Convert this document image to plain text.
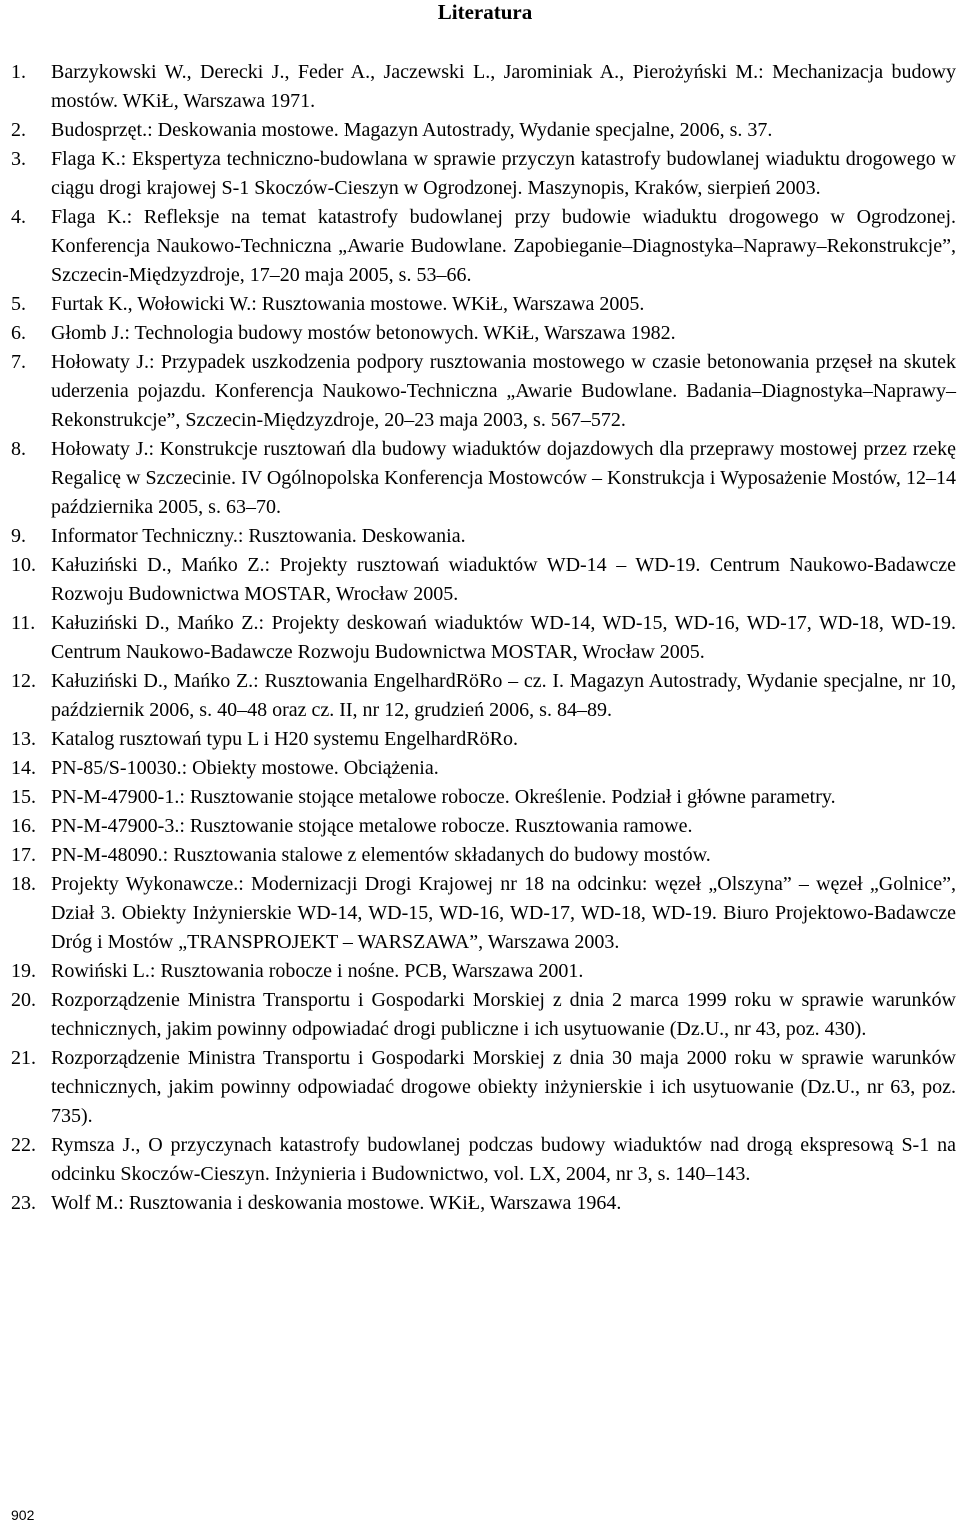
Literatura
1. Barzykowski W., Derecki J., Feder A., Jaczewski L., Jarominiak A., Pierożyński M.: Mechanizacja budowy mostów. WKiŁ, Warszawa 1971.
2. Budosprzęt.: Deskowania mostowe. Magazyn Autostrady, Wydanie specjalne, 2006, s. 37.
3. Flaga K.: Ekspertyza techniczno-budowlana w sprawie przyczyn katastrofy budowlanej wiaduktu drogowego w ciągu drogi krajowej S-1 Skoczów-Cieszyn w Ogrodzonej. Maszynopis, Kraków, sierpień 2003.
4. Flaga K.: Refleksje na temat katastrofy budowlanej przy budowie wiaduktu drogowego w Ogrodzonej. Konferencja Naukowo-Techniczna „Awarie Budowlane. Zapobieganie–Diagnostyka–Naprawy–Rekonstrukcje”, Szczecin-Międzyzdroje, 17–20 maja 2005, s. 53–66.
5. Furtak K., Wołowicki W.: Rusztowania mostowe. WKiŁ, Warszawa 2005.
6. Głomb J.: Technologia budowy mostów betonowych. WKiŁ, Warszawa 1982.
7. Hołowaty J.: Przypadek uszkodzenia podpory rusztowania mostowego w czasie betonowania przęseł na skutek uderzenia pojazdu. Konferencja Naukowo-Techniczna „Awarie Budowlane. Badania–Diagnostyka–Naprawy–Rekonstrukcje”, Szczecin-Międzyzdroje, 20–23 maja 2003, s. 567–572.
8. Hołowaty J.: Konstrukcje rusztowań dla budowy wiaduktów dojazdowych dla przeprawy mostowej przez rzekę Regalicę w Szczecinie. IV Ogólnopolska Konferencja Mostowców – Konstrukcja i Wyposażenie Mostów, 12–14 października 2005, s. 63–70.
9. Informator Techniczny.: Rusztowania. Deskowania.
10. Kałuziński D., Mańko Z.: Projekty rusztowań wiaduktów WD-14 – WD-19. Centrum Naukowo-Badawcze Rozwoju Budownictwa MOSTAR, Wrocław 2005.
11. Kałuziński D., Mańko Z.: Projekty deskowań wiaduktów WD-14, WD-15, WD-16, WD-17, WD-18, WD-19. Centrum Naukowo-Badawcze Rozwoju Budownictwa MOSTAR, Wrocław 2005.
12. Kałuziński D., Mańko Z.: Rusztowania EngelhardRöRo – cz. I. Magazyn Autostrady, Wydanie specjalne, nr 10, październik 2006, s. 40–48 oraz cz. II, nr 12, grudzień 2006, s. 84–89.
13. Katalog rusztowań typu L i H20 systemu EngelhardRöRo.
14. PN-85/S-10030.: Obiekty mostowe. Obciążenia.
15. PN-M-47900-1.: Rusztowanie stojące metalowe robocze. Określenie. Podział i główne parametry.
16. PN-M-47900-3.: Rusztowanie stojące metalowe robocze. Rusztowania ramowe.
17. PN-M-48090.: Rusztowania stalowe z elementów składanych do budowy mostów.
18. Projekty Wykonawcze.: Modernizacji Drogi Krajowej nr 18 na odcinku: węzeł „Olszyna” – węzeł „Golnice”, Dział 3. Obiekty Inżynierskie WD-14, WD-15, WD-16, WD-17, WD-18, WD-19. Biuro Projektowo-Badawcze Dróg i Mostów „TRANSPROJEKT – WARSZAWA”, Warszawa 2003.
19. Rowiński L.: Rusztowania robocze i nośne. PCB, Warszawa 2001.
20. Rozporządzenie Ministra Transportu i Gospodarki Morskiej z dnia 2 marca 1999 roku w sprawie warunków technicznych, jakim powinny odpowiadać drogi publiczne i ich usytuowanie (Dz.U., nr 43, poz. 430).
21. Rozporządzenie Ministra Transportu i Gospodarki Morskiej z dnia 30 maja 2000 roku w sprawie warunków technicznych, jakim powinny odpowiadać drogowe obiekty inżynierskie i ich usytuowanie (Dz.U., nr 63, poz. 735).
22. Rymsza J., O przyczynach katastrofy budowlanej podczas budowy wiaduktów nad drogą ekspresową S-1 na odcinku Skoczów-Cieszyn. Inżynieria i Budownictwo, vol. LX, 2004, nr 3, s. 140–143.
23. Wolf M.: Rusztowania i deskowania mostowe. WKiŁ, Warszawa 1964.
902
